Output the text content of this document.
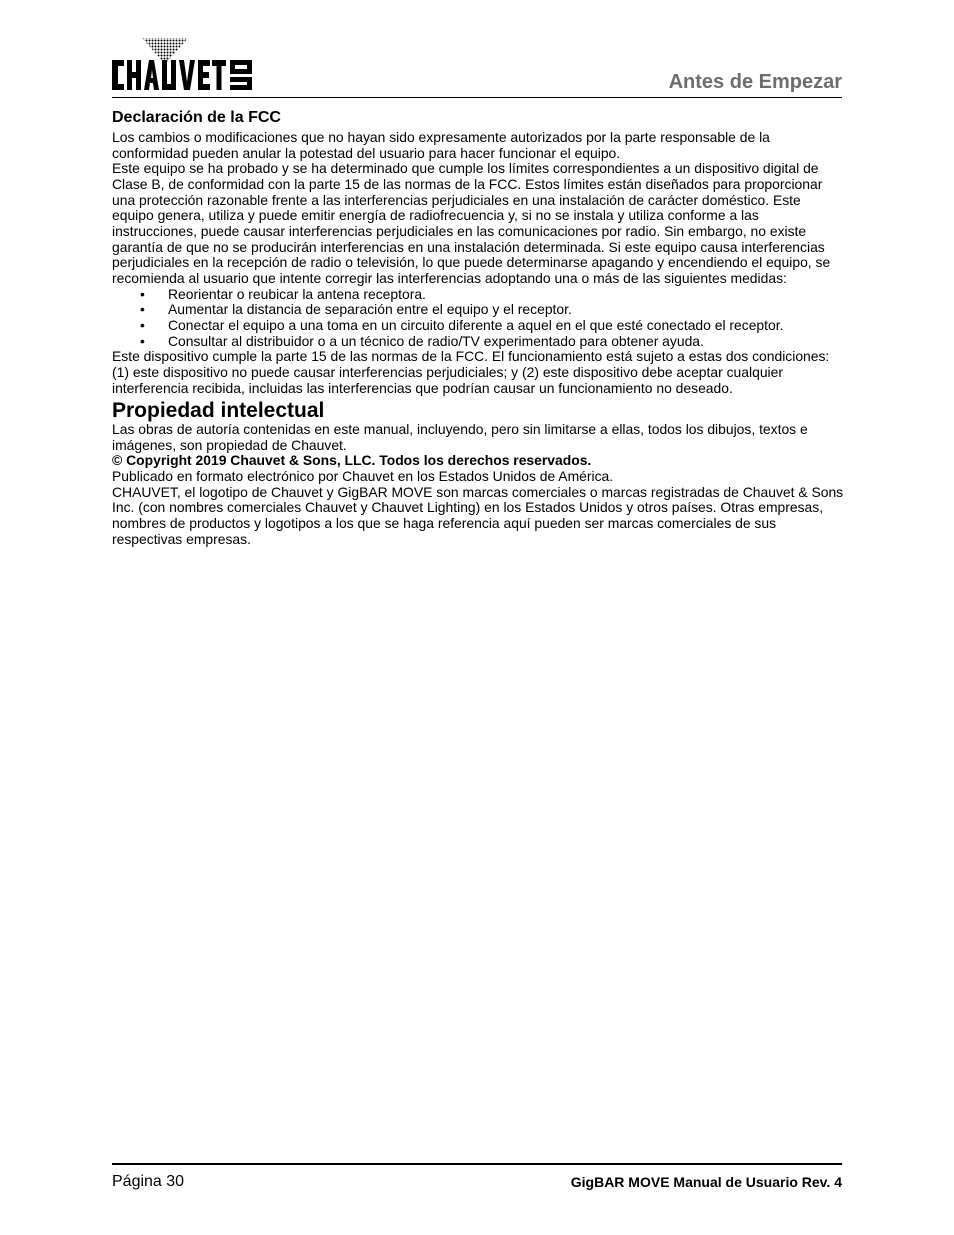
Antes de Empezar
Declaración de la FCC

Los cambios o modificaciones que no hayan sido expresamente autorizados por la parte responsable de la conformidad pueden anular la potestad del usuario para hacer funcionar el equipo.

Este equipo se ha probado y se ha determinado que cumple los límites correspondientes a un dispositivo digital de Clase B, de conformidad con la parte 15 de las normas de la FCC. Estos límites están diseñados para proporcionar una protección razonable frente a las interferencias perjudiciales en una instalación de carácter doméstico. Este equipo genera, utiliza y puede emitir energía de radiofrecuencia y, si no se instala y utiliza conforme a las instrucciones, puede causar interferencias perjudiciales en las comunicaciones por radio. Sin embargo, no existe garantía de que no se producirán interferencias en una instalación determinada. Si este equipo causa interferencias perjudiciales en la recepción de radio o televisión, lo que puede determinarse apagando y encendiendo el equipo, se recomienda al usuario que intente corregir las interferencias adoptando una o más de las siguientes medidas:

• Reorientar o reubicar la antena receptora.
• Aumentar la distancia de separación entre el equipo y el receptor.
• Conectar el equipo a una toma en un circuito diferente a aquel en el que esté conectado el receptor.
• Consultar al distribuidor o a un técnico de radio/TV experimentado para obtener ayuda.

Este dispositivo cumple la parte 15 de las normas de la FCC. El funcionamiento está sujeto a estas dos condiciones: (1) este dispositivo no puede causar interferencias perjudiciales; y (2) este dispositivo debe aceptar cualquier interferencia recibida, incluidas las interferencias que podrían causar un funcionamiento no deseado.

Propiedad intelectual

Las obras de autoría contenidas en este manual, incluyendo, pero sin limitarse a ellas, todos los dibujos, textos e imágenes, son propiedad de Chauvet.

© Copyright 2019 Chauvet & Sons, LLC. Todos los derechos reservados.

Publicado en formato electrónico por Chauvet en los Estados Unidos de América.

CHAUVET, el logotipo de Chauvet y GigBAR MOVE son marcas comerciales o marcas registradas de Chauvet & Sons Inc. (con nombres comerciales Chauvet y Chauvet Lighting) en los Estados Unidos y otros países. Otras empresas, nombres de productos y logotipos a los que se haga referencia aquí pueden ser marcas comerciales de sus respectivas empresas.

Página 30	GigBAR MOVE Manual de Usuario Rev. 4
